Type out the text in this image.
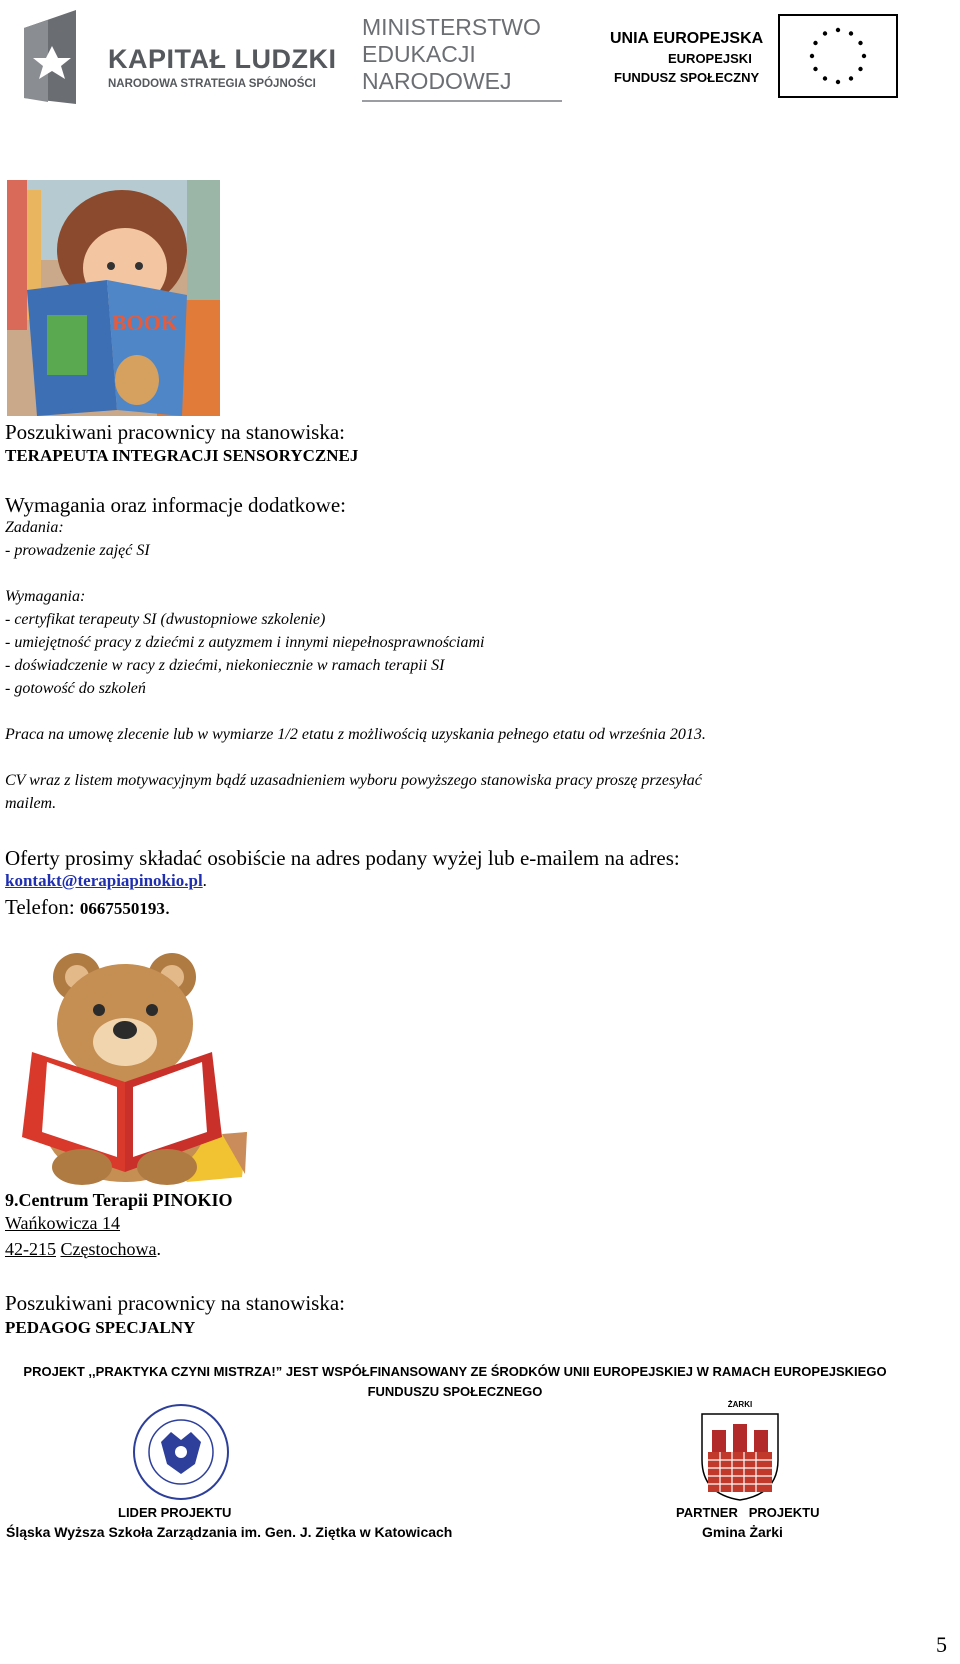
KAPITAŁ LUDZKI
NARODOWA STRATEGIA SPÓJNOŚCI
MINISTERSTWO
EDUKACJI
NARODOWEJ
UNIA EUROPEJSKA
EUROPEJSKI
FUNDUSZ SPOŁECZNY
BOOK
Poszukiwani pracownicy na stanowiska:
TERAPEUTA INTEGRACJI SENSORYCZNEJ
Wymagania oraz informacje dodatkowe:
Zadania:
- prowadzenie zajęć SI
Wymagania:
- certyfikat terapeuty SI (dwustopniowe szkolenie)
- umiejętność pracy z dziećmi z autyzmem i innymi niepełnosprawnościami
- doświadczenie w racy z dziećmi, niekoniecznie w ramach terapii SI
- gotowość do szkoleń
Praca na umowę zlecenie lub w wymiarze 1/2 etatu z możliwością uzyskania pełnego etatu od września 2013.
CV wraz z listem motywacyjnym bądź uzasadnieniem wyboru powyższego stanowiska pracy proszę przesyłać
mailem.
Oferty prosimy składać osobiście na adres podany wyżej lub e-mailem na adres:
kontakt@terapiapinokio.pl.
Telefon: 0667550193.
9.Centrum Terapii PINOKIO
Wańkowicza 14
42-215 Częstochowa.
Poszukiwani pracownicy na stanowiska:
PEDAGOG SPECJALNY
PROJEKT ,,PRAKTYKA CZYNI MISTRZA!” JEST WSPÓŁFINANSOWANY ZE ŚRODKÓW UNII EUROPEJSKIEJ W RAMACH EUROPEJSKIEGO
FUNDUSZU SPOŁECZNEGO
LIDER PROJEKTU
Śląska Wyższa Szkoła Zarządzania im. Gen. J. Ziętka w Katowicach
ŻARKI
PARTNER   PROJEKTU
Gmina Żarki
5
